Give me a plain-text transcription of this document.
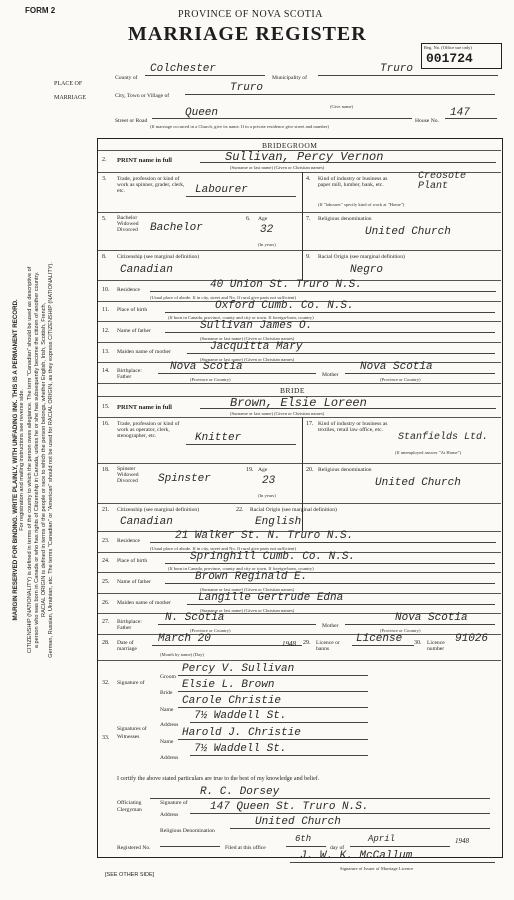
FORM 2	PROVINCE OF NOVA SCOTIA
MARRIAGE REGISTER
Reg. No. (Office use only)
001724
MARGIN RESERVED FOR BINDING. WRITE PLAINLY, WITH UNFADING INK. THIS IS A PERMANENT RECORD. For registration and mailing instructions see reverse side. CITIZENSHIP (NATIONALITY) is defined in terms of the country to which the person owes allegiance. The term "Canadian" should be used as descriptive of a person who was born in Canada or who has rights of Citizenship in Canada, unless he or she has subsequently become the citizen of another country. RACIAL ORIGIN is defined in terms of the people or race to which the person belongs, whether English, Irish, Scottish, French, German, Russian, Ukrainian, etc. The terms "Canadian" or "American" should not be used for RACIAL ORIGIN, as they express CITIZENSHIP (NATIONALITY).
PLACE OF MARRIAGE
County of
Colchester
Municipality of
Truro
City, Town or Village of
Truro
(Give name)
Street or Road
Queen
House No.
147
(If marriage occurred in a Church, give its name. If in a private residence give street and number)
BRIDEGROOM
2. PRINT name in full	Sullivan, Percy Vernon
(Surname or last name) (Given or Christian names)
3. Trade, profession or kind of work as spinner, grader, clerk, etc.	Labourer
4. Kind of industry or business as paper mill, lumber, bank, etc.
Creosote Plant
(If "labourer" specify kind of work at "Home")
5. Bachelor Widowed Divorced	Bachelor
6. Age
32
(In years)
7. Religious denomination
United Church
8. Citizenship (see marginal definition)
Canadian
9. Racial Origin (see marginal definition)
Negro
10. Residence	40 Union St. Truro N.S.
(Usual place of abode. If in city, street and No. If rural give parts not sufficient)
11. Place of birth	Oxford Cumb. Co. N.S.
(If born in Canada, province, county and city or town. If foreign-born, country)
12. Name of father	Sullivan James O.
(Surname or last name) (Given or Christian names)
13. Maiden name of mother	Jacquitta Mary
(Surname or last name) (Given or Christian names)
14. Birthplace: Father
Nova Scotia
Mother
Nova Scotia
(Province or Country)	(Province or Country)
BRIDE
15. PRINT name in full	Brown, Elsie Loreen
(Surname or last name) (Given or Christian names)
16. Trade, profession or kind of work as operator, clerk, stenographer, etc.	Knitter
17. Kind of industry or business as textiles, retail law office, etc.
Stanfields Ltd.
(If unemployed answer "At Home")
18. Spinster Widowed Divorced	Spinster
19. Age
23
(In years)
20. Religious denomination
United Church
21. Citizenship (see marginal definition)
Canadian
22. Racial Origin (see marginal definition)
English
23. Residence	21 Walker St. N. Truro N.S.
(Usual place of abode. If in city, street and No. If rural give parts not sufficient)
24. Place of birth	Springhill Cumb. Co. N.S.
(If born in Canada, province, county and city or town. If foreign-born, country)
25. Name of father	Brown Reginald E.
(Surname or last name) (Given or Christian names)
26. Maiden name of mother Langille Gertrude Edna
(Surname or last name) (Given or Christian names)
27. Birthplace: Father
N. Scotia
Mother
Nova Scotia
(Province or Country)	(Province or Country)
28. Date of marriage
March 20	1948
(Month by name) (Day)
29. Licence or banns
License 30. Licence number
91026
32. Signature of
Groom
Percy V. Sullivan
Bride
Elsie L. Brown
33.
Signatures of Witnesses
Name
Carole Christie
Address
7½ Waddell St.
Name
Harold J. Christie
Address
7½ Waddell St.
I certify the above stated particulars are true to the best of my knowledge and belief.
Officiating Clergyman
Signature of
R. C. Dorsey
Address
147 Queen St. Truro N.S.
Religious Denomination
United Church
Registered No.	Filed at this office
6th
day of
April	1948
J. W. K. McCallum
Signature of Issuer of Marriage Licence
[SEE OTHER SIDE]
